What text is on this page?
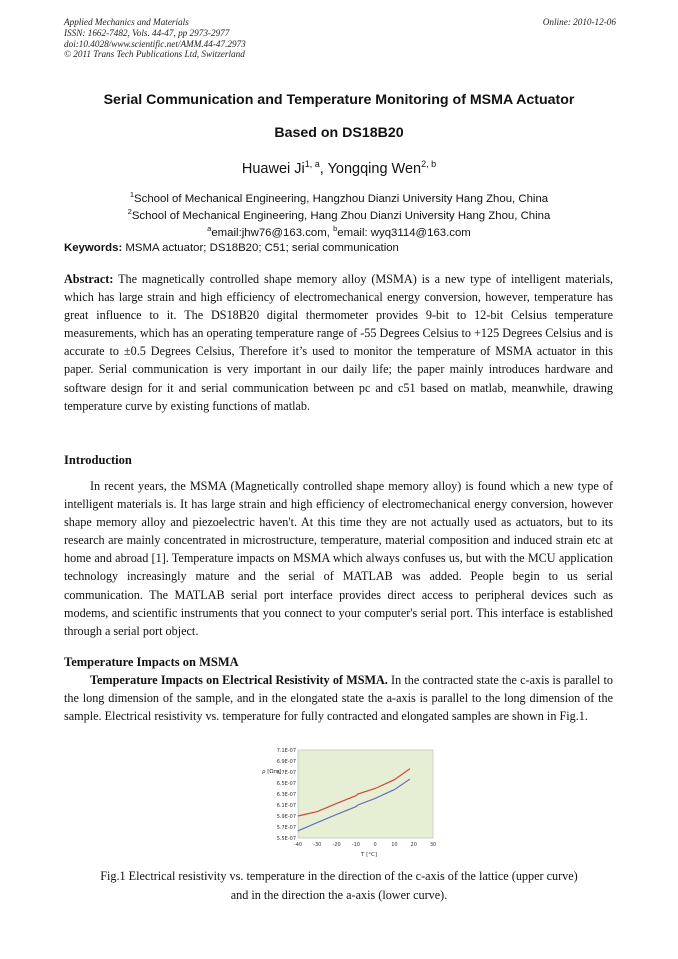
Applied Mechanics and Materials
ISSN: 1662-7482, Vols. 44-47, pp 2973-2977
doi:10.4028/www.scientific.net/AMM.44-47.2973
© 2011 Trans Tech Publications Ltd, Switzerland
Online: 2010-12-06
Serial Communication and Temperature Monitoring of MSMA Actuator
Based on DS18B20
Huawei Ji$^{1, a}$, Yongqing Wen$^{2, b}$
$^1$School of Mechanical Engineering, Hangzhou Dianzi University Hang Zhou, China
$^2$School of Mechanical Engineering, Hang Zhou Dianzi University Hang Zhou, China
$^a$email:jhw76@163.com, $^b$email: wyq3114@163.com
Keywords: MSMA actuator; DS18B20; C51; serial communication
Abstract: The magnetically controlled shape memory alloy (MSMA) is a new type of intelligent materials, which has large strain and high efficiency of electromechanical energy conversion, however, temperature has great influence to it. The DS18B20 digital thermometer provides 9-bit to 12-bit Celsius temperature measurements, which has an operating temperature range of -55 Degrees Celsius to +125 Degrees Celsius and is accurate to ±0.5 Degrees Celsius, Therefore it’s used to monitor the temperature of MSMA actuator in this paper. Serial communication is very important in our daily life; the paper mainly introduces hardware and software design for it and serial communication between pc and c51 based on matlab, meanwhile, drawing temperature curve by existing functions of matlab.
Introduction
In recent years, the MSMA (Magnetically controlled shape memory alloy) is found which a new type of intelligent materials is. It has large strain and high efficiency of electromechanical energy conversion, however shape memory alloy and piezoelectric haven't. At this time they are not actually used as actuators, but to its research are mainly concentrated in microstructure, temperature, material composition and induced strain etc at home and abroad [1]. Temperature impacts on MSMA which always confuses us, but with the MCU application technology increasingly mature and the serial of MATLAB was added. People begin to us serial communication. The MATLAB serial port interface provides direct access to peripheral devices such as modems, and scientific instruments that you connect to your computer's serial port. This interface is established through a serial port object.
Temperature Impacts on MSMA
Temperature Impacts on Electrical Resistivity of MSMA. In the contracted state the c-axis is parallel to the long dimension of the sample, and in the elongated state the a-axis is parallel to the long dimension of the sample. Electrical resistivity vs. temperature for fully contracted and elongated samples are shown in Fig.1.
7.1E-07
6.9E-07
6.7E-07
6.5E-07
6.3E-07
6.1E-07
5.9E-07
5.7E-07
5.5E-07
-40 -30 -20 -10	0	10	20	30
ρ [Ωm]
T [°C]
Fig.1 Electrical resistivity vs. temperature in the direction of the c-axis of the lattice (upper curve)
and in the direction the a-axis (lower curve).
